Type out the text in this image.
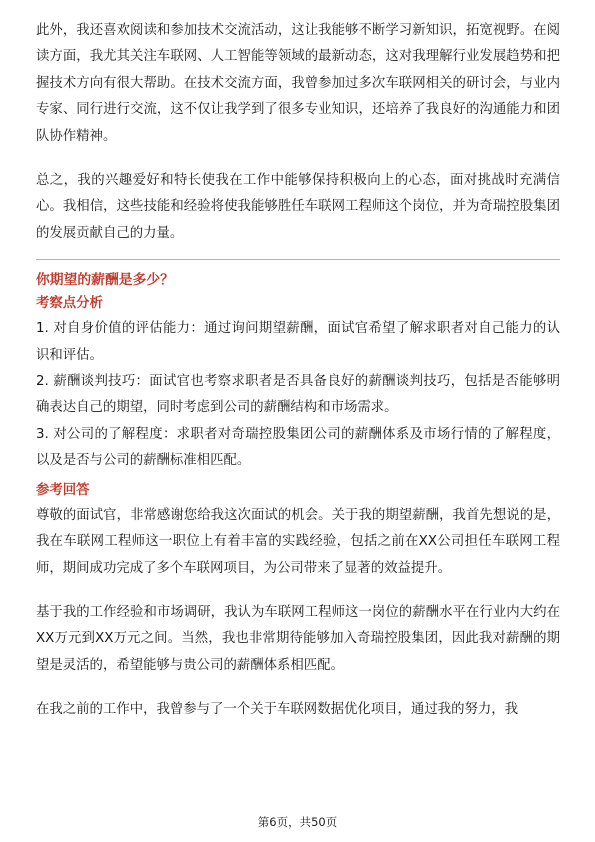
此外，我还喜欢阅读和参加技术交流活动，这让我能够不断学习新知识，拓宽视野。在阅读方面，我尤其关注车联网、人工智能等领域的最新动态，这对我理解行业发展趋势和把握技术方向有很大帮助。在技术交流方面，我曾参加过多次车联网相关的研讨会，与业内专家、同行进行交流，这不仅让我学到了很多专业知识，还培养了我良好的沟通能力和团队协作精神。

总之，我的兴趣爱好和特长使我在工作中能够保持积极向上的心态，面对挑战时充满信心。我相信，这些技能和经验将使我能够胜任车联网工程师这个岗位，并为奇瑞控股集团的发展贡献自己的力量。

你期望的薪酬是多少？

考察点分析

1. 对自身价值的评估能力：通过询问期望薪酬，面试官希望了解求职者对自己能力的认识和评估。

2. 薪酬谈判技巧：面试官也考察求职者是否具备良好的薪酬谈判技巧，包括是否能够明确表达自己的期望，同时考虑到公司的薪酬结构和市场需求。

3. 对公司的了解程度：求职者对奇瑞控股集团公司的薪酬体系及市场行情的了解程度，以及是否与公司的薪酬标准相匹配。

参考回答

尊敬的面试官，非常感谢您给我这次面试的机会。关于我的期望薪酬，我首先想说的是，我在车联网工程师这一职位上有着丰富的实践经验，包括之前在XX公司担任车联网工程师，期间成功完成了多个车联网项目，为公司带来了显著的效益提升。

基于我的工作经验和市场调研，我认为车联网工程师这一岗位的薪酬水平在行业内大约在XX万元到XX万元之间。当然，我也非常期待能够加入奇瑞控股集团，因此我对薪酬的期望是灵活的，希望能够与贵公司的薪酬体系相匹配。

在我之前的工作中，我曾参与了一个关于车联网数据优化项目，通过我的努力，我

第6页，共50页
